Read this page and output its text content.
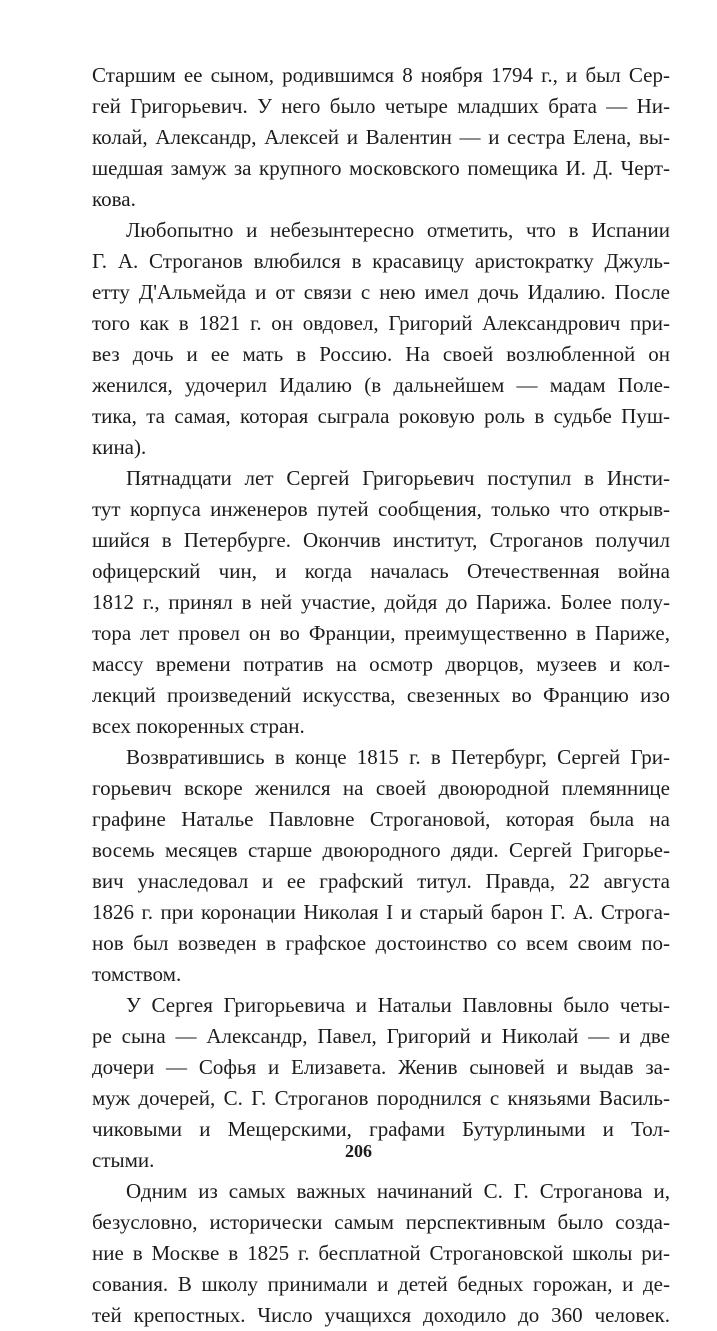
Старшим ее сыном, родившимся 8 ноября 1794 г., и был Сер-
гей Григорьевич. У него было четыре младших брата — Ни-
колай, Александр, Алексей и Валентин — и сестра Елена, вы-
шедшая замуж за крупного московского помещика И. Д. Черт-
кова.
Любопытно и небезынтересно отметить, что в Испании
Г. А. Строганов влюбился в красавицу аристократку Джуль-
етту Д'Альмейда и от связи с нею имел дочь Идалию. После
того как в 1821 г. он овдовел, Григорий Александрович при-
вез дочь и ее мать в Россию. На своей возлюбленной он
женился, удочерил Идалию (в дальнейшем — мадам Поле-
тика, та самая, которая сыграла роковую роль в судьбе Пуш-
кина).
Пятнадцати лет Сергей Григорьевич поступил в Инсти-
тут корпуса инженеров путей сообщения, только что открыв-
шийся в Петербурге. Окончив институт, Строганов получил
офицерский чин, и когда началась Отечественная война
1812 г., принял в ней участие, дойдя до Парижа. Более полу-
тора лет провел он во Франции, преимущественно в Париже,
массу времени потратив на осмотр дворцов, музеев и кол-
лекций произведений искусства, свезенных во Францию изо
всех покоренных стран.
Возвратившись в конце 1815 г. в Петербург, Сергей Гри-
горьевич вскоре женился на своей двоюродной племяннице
графине Наталье Павловне Строгановой, которая была на
восемь месяцев старше двоюродного дяди. Сергей Григорье-
вич унаследовал и ее графский титул. Правда, 22 августа
1826 г. при коронации Николая I и старый барон Г. А. Строга-
нов был возведен в графское достоинство со всем своим по-
томством.
У Сергея Григорьевича и Натальи Павловны было четы-
ре сына — Александр, Павел, Григорий и Николай — и две
дочери — Софья и Елизавета. Женив сыновей и выдав за-
муж дочерей, С. Г. Строганов породнился с князьями Василь-
чиковыми и Мещерскими, графами Бутурлиными и Тол-
стыми.
Одним из самых важных начинаний С. Г. Строганова и,
безусловно, исторически самым перспективным было созда-
ние в Москве в 1825 г. бесплатной Строгановской школы ри-
сования. В школу принимали и детей бедных горожан, и де-
тей крепостных. Число учащихся доходило до 360 человек.
206
